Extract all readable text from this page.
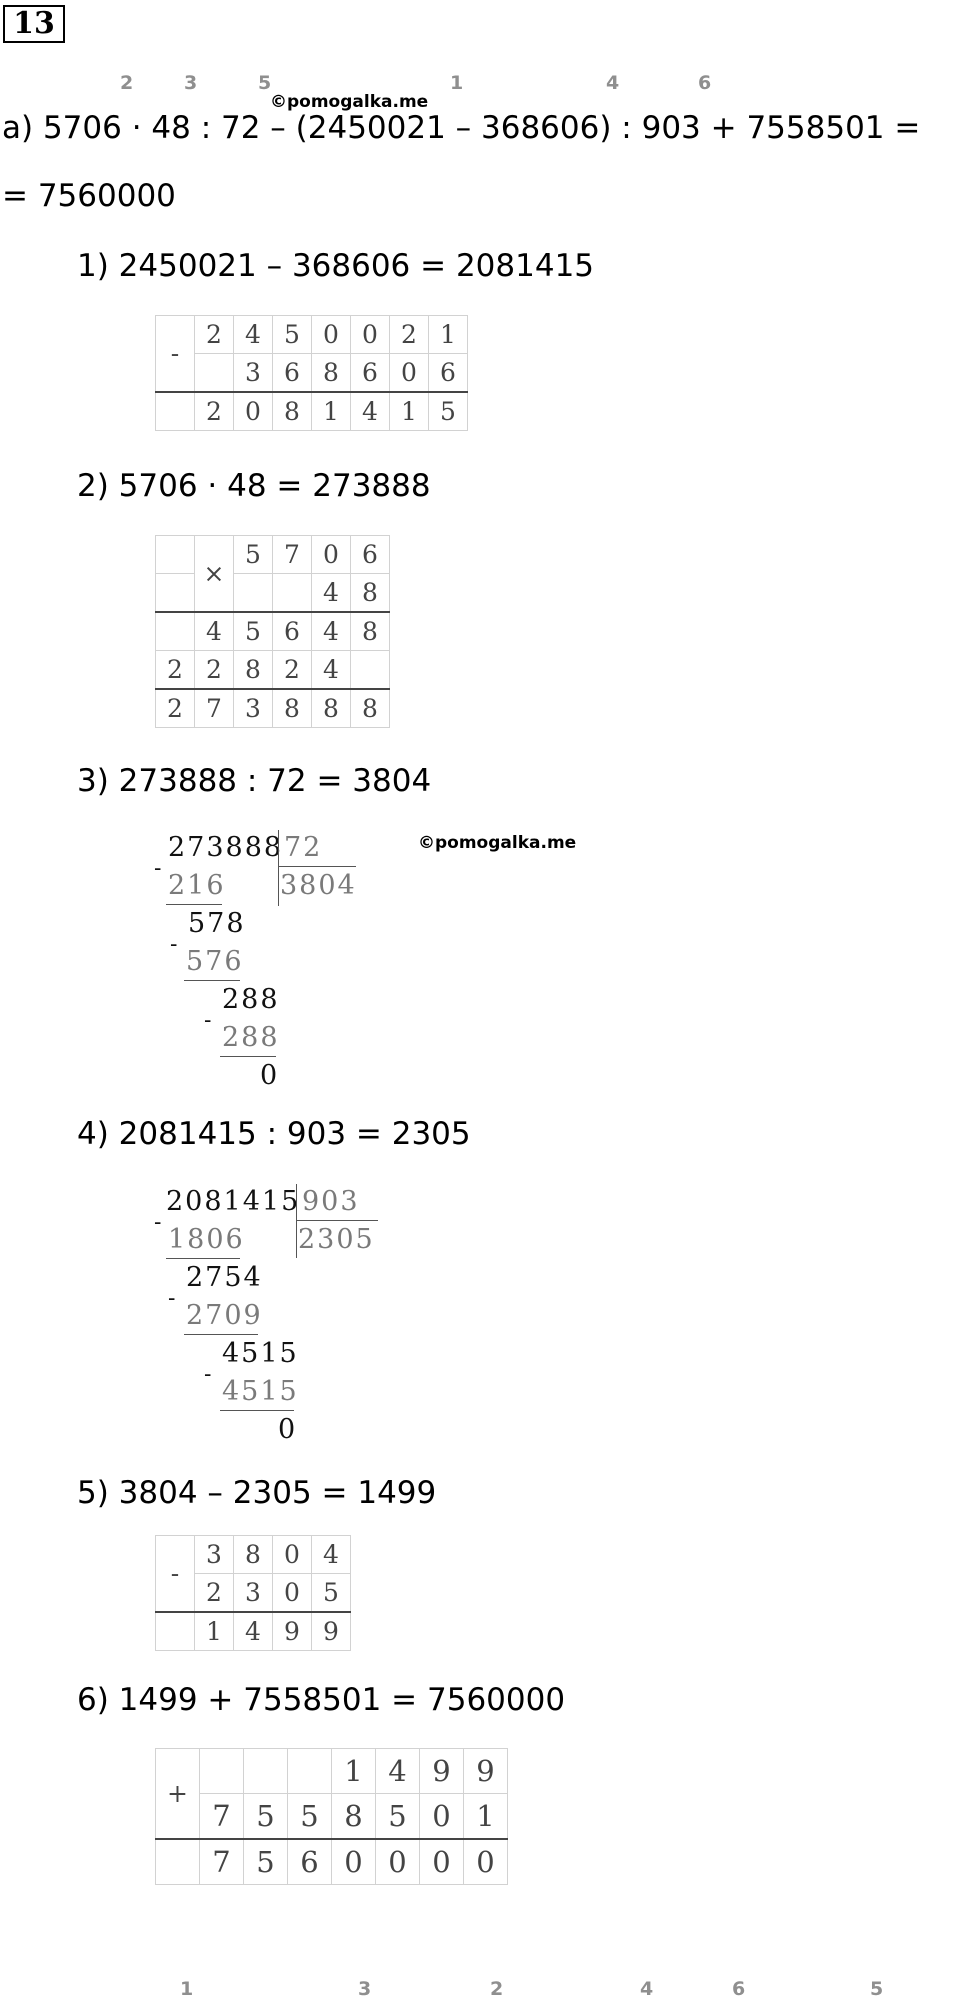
13
2	3	5	1	4	6
©pomogalka.me
а) 5706 · 48 : 72 – (2450021 – 368606) : 903 + 7558501 =
= 7560000
1) 2450021 – 368606 = 2081415
-	2	4	5	0	0	2	1
		3	6	8	6	0	6
	2	0	8	1	4	1	5
2) 5706 · 48 = 273888
	×	5	7	0	6
				4	8
	4	5	6	4	8
2	2	8	2	4	
2	7	3	8	8	8
3) 273888 : 72 = 3804
©pomogalka.me
273888 72
3804
-
216
578
-
576
288
-
288
0
4) 2081415 : 903 = 2305
2081415 903
2305
-
1806
2754
-
2709
4515
-
4515
0
5) 3804 – 2305 = 1499
-	3	8	0	4
	2	3	0	5
	1	4	9	9
6) 1499 + 7558501 = 7560000
+				1	4	9	9
	7	5	5	8	5	0	1
	7	5	6	0	0	0	0
1	3	2	4	6	5
